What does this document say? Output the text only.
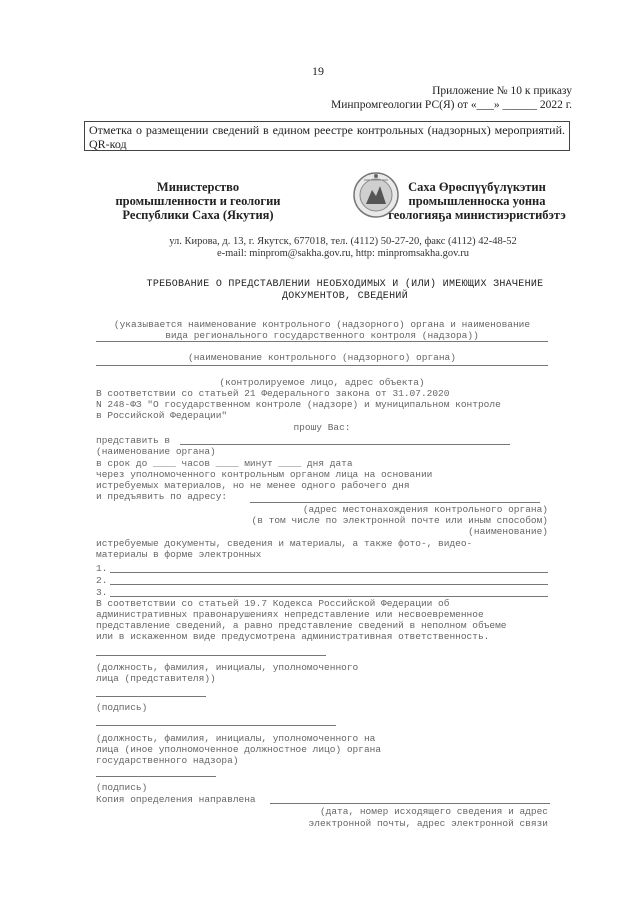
19
Приложение № 10 к приказу
Минпромгеологии РС(Я) от «___» ______ 2022 г.
Отметка о размещении сведений в едином реестре контрольных (надзорных) мероприятий. QR-код
Министерство
промышленности и геологии
Республики Саха (Якутия)
Саха Өрөспүүбүлүкэтин
промышленноска уонна
геологияҕа министиэристибэтэ
ул. Кирова, д. 13, г. Якутск, 677018, тел. (4112) 50-27-20, факс (4112) 42-48-52
e-mail: minprom@sakha.gov.ru, http: minpromsakha.gov.ru
ТРЕБОВАНИЕ О ПРЕДСТАВЛЕНИИ НЕОБХОДИМЫХ И (ИЛИ) ИМЕЮЩИХ ЗНАЧЕНИЕ
ДОКУМЕНТОВ, СВЕДЕНИЙ
(указывается наименование контрольного (надзорного) органа и наименование
вида регионального государственного контроля (надзора))
(наименование контрольного (надзорного) органа)
(контролируемое лицо, адрес объекта)
В соответствии со статьей 21 Федерального закона от 31.07.2020
N 248-ФЗ "О государственном контроле (надзоре) и муниципальном контроле
в Российской Федерации"
прошу Вас:
представить в
(наименование органа)
в срок до ____ часов ____ минут ____ дня дата
через уполномоченного контрольным органом лица на основании
истребуемых материалов, но не менее одного рабочего дня
и предъявить по адресу:
(адрес местонахождения контрольного органа)
(в том числе по электронной почте или иным способом)
(наименование)
истребуемые документы, сведения и материалы, а также фото-, видео-
материалы в форме электронных
1.
2.
3.
В соответствии со статьей 19.7 Кодекса Российской Федерации об
административных правонарушениях непредставление или несвоевременное
представление сведений, а равно представление сведений в неполном объеме
или в искаженном виде предусмотрена административная ответственность.
(должность, фамилия, инициалы, уполномоченного
лица (представителя))
(подпись)
(должность, фамилия, инициалы, уполномоченного на
лица (иное уполномоченное должностное лицо) органа
государственного надзора)
(подпись)
Копия определения направлена
(дата, номер исходящего сведения и адрес
электронной почты, адрес электронной связи
